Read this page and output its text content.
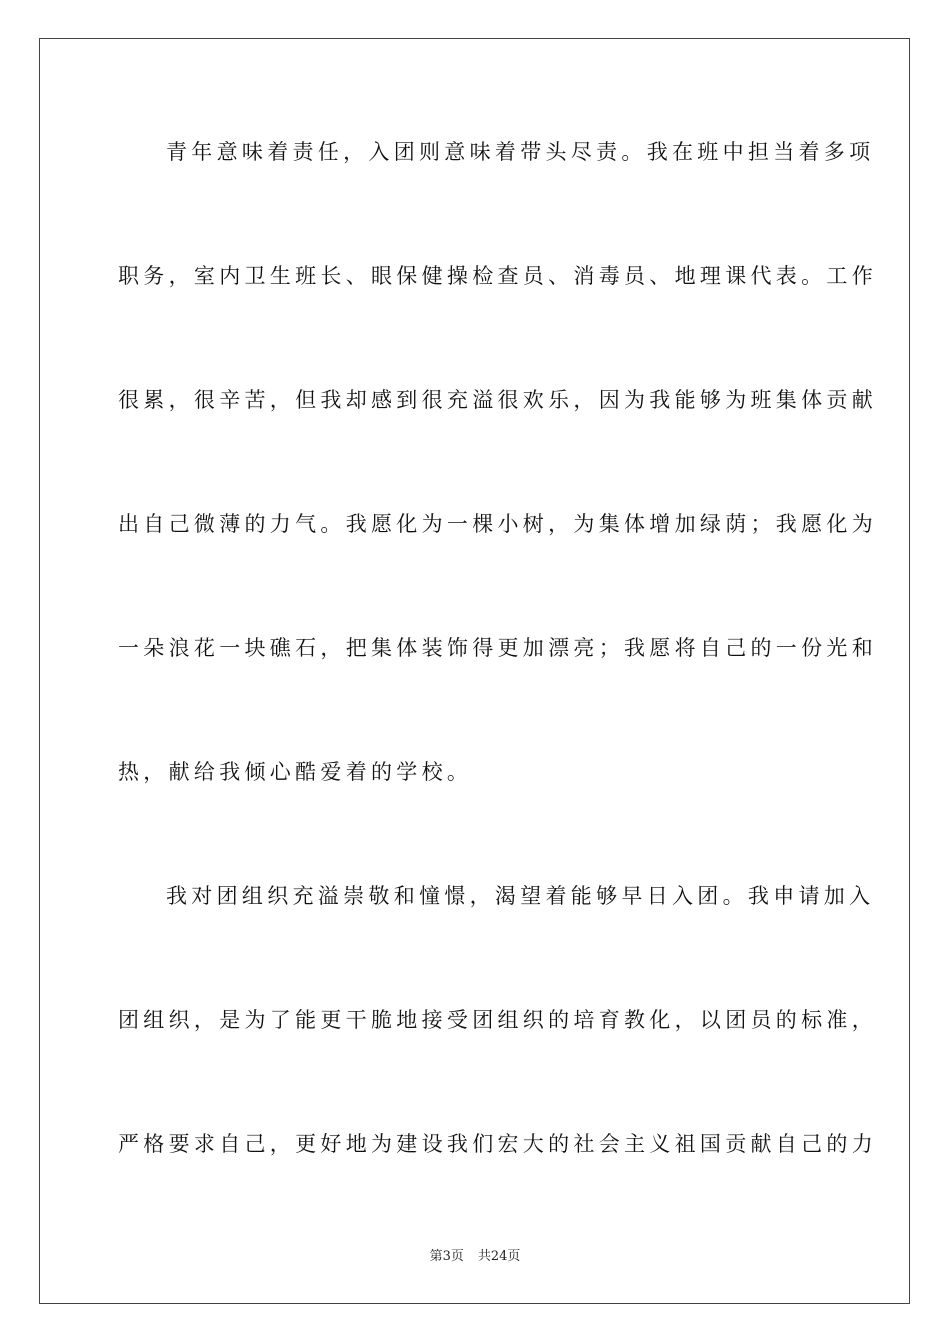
青年意味着责任，入团则意味着带头尽责。我在班中担当着多项
职务，室内卫生班长、眼保健操检查员、消毒员、地理课代表。工作
很累，很辛苦，但我却感到很充溢很欢乐，因为我能够为班集体贡献
出自己微薄的力气。我愿化为一棵小树，为集体增加绿荫；我愿化为
一朵浪花一块礁石，把集体装饰得更加漂亮；我愿将自己的一份光和
热，献给我倾心酷爱着的学校。
我对团组织充溢崇敬和憧憬，渴望着能够早日入团。我申请加入
团组织，是为了能更干脆地接受团组织的培育教化，以团员的标准，
严格要求自己，更好地为建设我们宏大的社会主义祖国贡献自己的力
第3页 共24页
